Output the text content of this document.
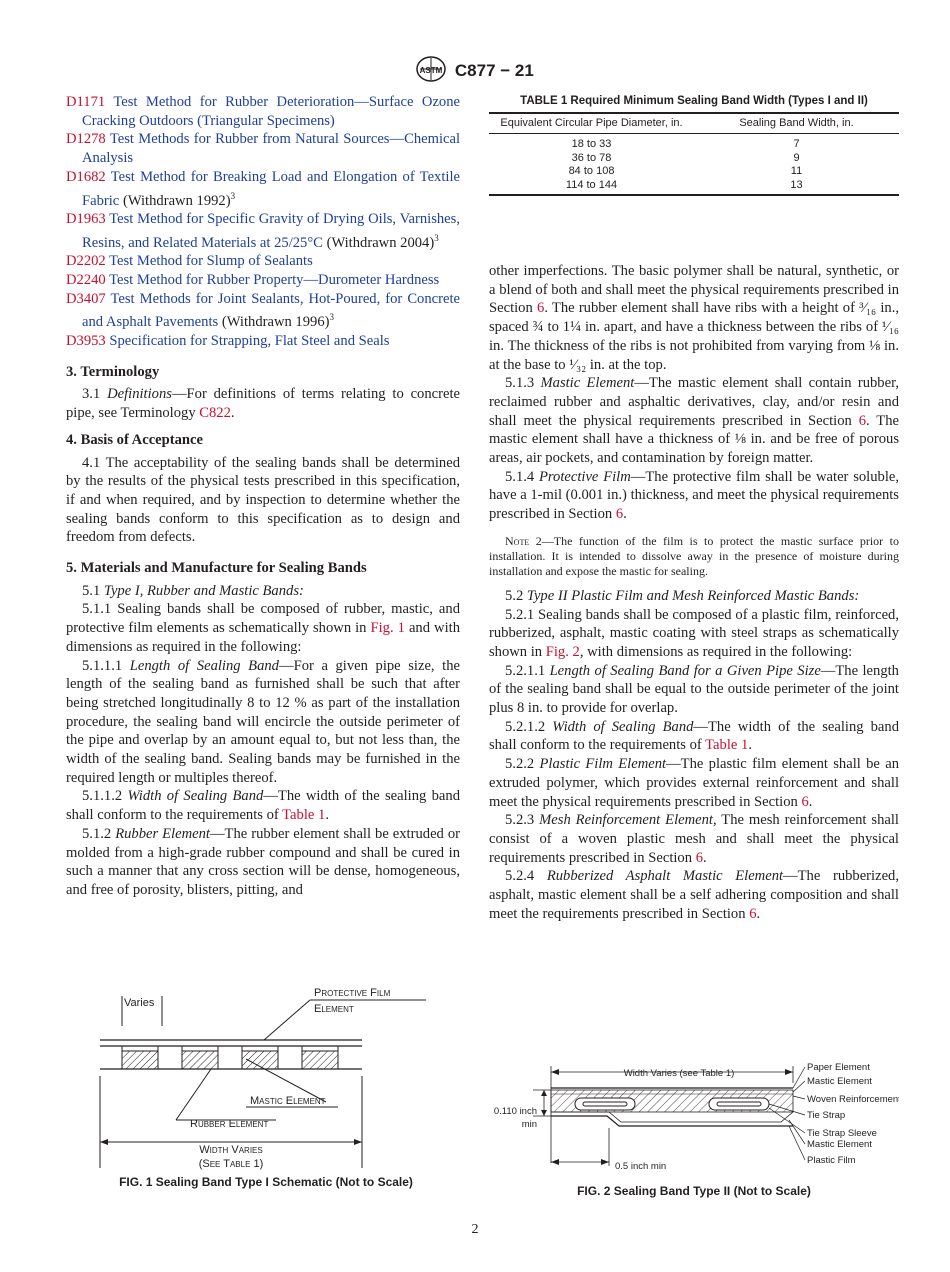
ASTM C877 − 21

D1171 Test Method for Rubber Deterioration—Surface Ozone Cracking Outdoors (Triangular Specimens)

D1278 Test Methods for Rubber from Natural Sources—Chemical Analysis

D1682 Test Method for Breaking Load and Elongation of Textile Fabric (Withdrawn 1992)$^3$

D1963 Test Method for Specific Gravity of Drying Oils, Varnishes, Resins, and Related Materials at 25/25°C (Withdrawn 2004)$^3$

D2202 Test Method for Slump of Sealants

D2240 Test Method for Rubber Property—Durometer Hardness

D3407 Test Methods for Joint Sealants, Hot-Poured, for Concrete and Asphalt Pavements (Withdrawn 1996)$^3$

D3953 Specification for Strapping, Flat Steel and Seals

3. Terminology

3.1 Definitions—For definitions of terms relating to concrete pipe, see Terminology C822.

4. Basis of Acceptance

4.1 The acceptability of the sealing bands shall be determined by the results of the physical tests prescribed in this specification, if and when required, and by inspection to determine whether the sealing bands conform to this specification as to design and freedom from defects.

5. Materials and Manufacture for Sealing Bands

5.1 Type I, Rubber and Mastic Bands:

5.1.1 Sealing bands shall be composed of rubber, mastic, and protective film elements as schematically shown in Fig. 1 and with dimensions as required in the following:

5.1.1.1 Length of Sealing Band—For a given pipe size, the length of the sealing band as furnished shall be such that after being stretched longitudinally 8 to 12 % as part of the installation procedure, the sealing band will encircle the outside perimeter of the pipe and overlap by an amount equal to, but not less than, the width of the sealing band. Sealing bands may be furnished in the required length or multiples thereof.

5.1.1.2 Width of Sealing Band—The width of the sealing band shall conform to the requirements of Table 1.

5.1.2 Rubber Element—The rubber element shall be extruded or molded from a high-grade rubber compound and shall be cured in such a manner that any cross section will be dense, homogeneous, and free of porosity, blisters, pitting, and

TABLE 1 Required Minimum Sealing Band Width (Types I and II)
Equivalent Circular Pipe Diameter, in.	Sealing Band Width, in.
18 to 33	7
36 to 78	9
84 to 108	11
114 to 144	13

other imperfections. The basic polymer shall be natural, synthetic, or a blend of both and shall meet the physical requirements prescribed in Section 6. The rubber element shall have ribs with a height of ³⁄₁₆ in., spaced ¾ to 1¼ in. apart, and have a thickness between the ribs of ¹⁄₁₆ in. The thickness of the ribs is not prohibited from varying from ⅛ in. at the base to ¹⁄₃₂ in. at the top.

5.1.3 Mastic Element—The mastic element shall contain rubber, reclaimed rubber and asphaltic derivatives, clay, and/or resin and shall meet the physical requirements prescribed in Section 6. The mastic element shall have a thickness of ⅛ in. and be free of porous areas, air pockets, and contamination by foreign matter.

5.1.4 Protective Film—The protective film shall be water soluble, have a 1-mil (0.001 in.) thickness, and meet the physical requirements prescribed in Section 6.

Note 2—The function of the film is to protect the mastic surface prior to installation. It is intended to dissolve away in the presence of moisture during installation and expose the mastic for sealing.

5.2 Type II Plastic Film and Mesh Reinforced Mastic Bands:

5.2.1 Sealing bands shall be composed of a plastic film, reinforced, rubberized, asphalt, mastic coating with steel straps as schematically shown in Fig. 2, with dimensions as required in the following:

5.2.1.1 Length of Sealing Band for a Given Pipe Size—The length of the sealing band shall be equal to the outside perimeter of the joint plus 8 in. to provide for overlap.

5.2.1.2 Width of Sealing Band—The width of the sealing band shall conform to the requirements of Table 1.

5.2.2 Plastic Film Element—The plastic film element shall be an extruded polymer, which provides external reinforcement and shall meet the physical requirements prescribed in Section 6.

5.2.3 Mesh Reinforcement Element, The mesh reinforcement shall consist of a woven plastic mesh and shall meet the physical requirements prescribed in Section 6.

5.2.4 Rubberized Asphalt Mastic Element—The rubberized, asphalt, mastic element shall be a self adhering composition and shall meet the requirements prescribed in Section 6.

Varies
Protective Film
Element
Mastic Element
Rubber Element
Width Varies
(See Table 1)
FIG. 1 Sealing Band Type I Schematic (Not to Scale)
Width Varies (see Table 1)
0.110 inch
min
0.5 inch min
Paper Element
Mastic Element
Woven Reinforcement
Tie Strap
Tie Strap Sleeve
Mastic Element
Plastic Film
FIG. 2 Sealing Band Type II (Not to Scale)
2
